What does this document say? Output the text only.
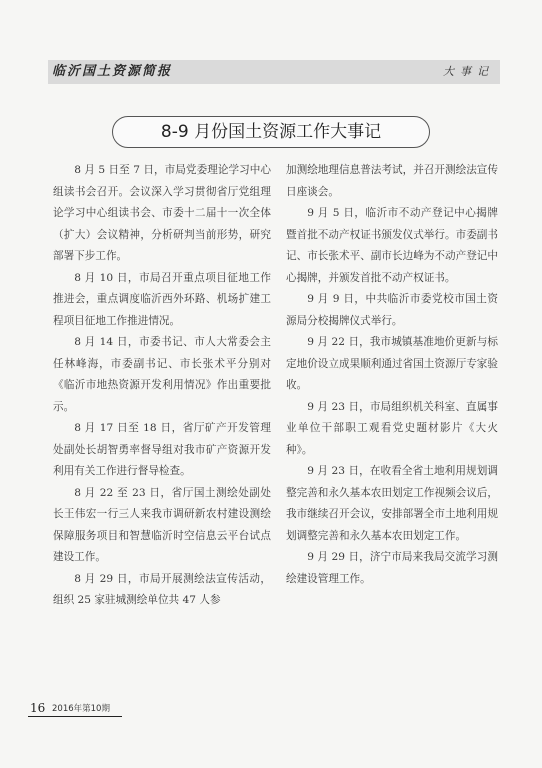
临沂国土资源简报	大事记
8-9 月份国土资源工作大事记

8 月 5 日至 7 日，市局党委理论学习中心组读书会召开。会议深入学习贯彻省厅党组理论学习中心组读书会、市委十二届十一次全体（扩大）会议精神，分析研判当前形势，研究部署下步工作。

8 月 10 日，市局召开重点项目征地工作推进会，重点调度临沂西外环路、机场扩建工程项目征地工作推进情况。

8 月 14 日，市委书记、市人大常委会主任林峰海，市委副书记、市长张术平分别对《临沂市地热资源开发利用情况》作出重要批示。

8 月 17 日至 18 日，省厅矿产开发管理处副处长胡智勇率督导组对我市矿产资源开发利用有关工作进行督导检查。

8 月 22 至 23 日，省厅国土测绘处副处长王伟宏一行三人来我市调研新农村建设测绘保障服务项目和智慧临沂时空信息云平台试点建设工作。

8 月 29 日，市局开展测绘法宣传活动，组织 25 家驻城测绘单位共 47 人参

加测绘地理信息普法考试，并召开测绘法宣传日座谈会。

9 月 5 日，临沂市不动产登记中心揭牌暨首批不动产权证书颁发仪式举行。市委副书记、市长张术平、副市长边峰为不动产登记中心揭牌，并颁发首批不动产权证书。

9 月 9 日，中共临沂市委党校市国土资源局分校揭牌仪式举行。

9 月 22 日，我市城镇基准地价更新与标定地价设立成果顺利通过省国土资源厅专家验收。

9 月 23 日，市局组织机关科室、直属事业单位干部职工观看党史题材影片《大火种》。

9 月 23 日，在收看全省土地利用规划调整完善和永久基本农田划定工作视频会议后，我市继续召开会议，安排部署全市土地利用规划调整完善和永久基本农田划定工作。

9 月 29 日，济宁市局来我局交流学习测绘建设管理工作。

16 2016年第10期
